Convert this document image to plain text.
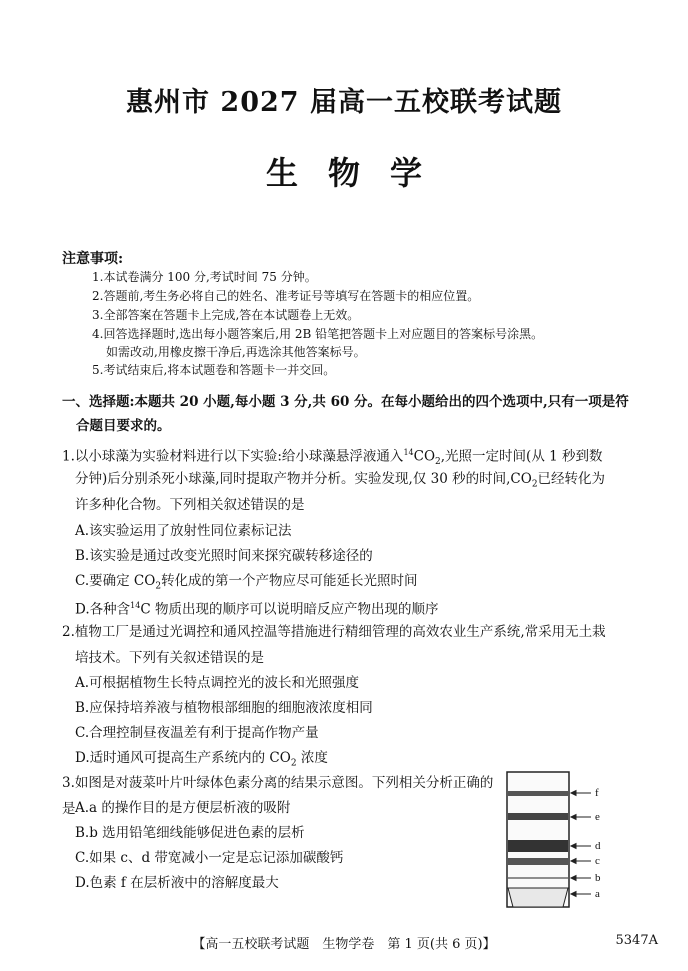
惠州市 2027 届高一五校联考试题
生物学
注意事项:
1.本试卷满分 100 分,考试时间 75 分钟。
2.答题前,考生务必将自己的姓名、准考证号等填写在答题卡的相应位置。
3.全部答案在答题卡上完成,答在本试题卷上无效。
4.回答选择题时,选出每小题答案后,用 2B 铅笔把答题卡上对应题目的答案标号涂黑。
如需改动,用橡皮擦干净后,再选涂其他答案标号。
5.考试结束后,将本试题卷和答题卡一并交回。
一、选择题:本题共 20 小题,每小题 3 分,共 60 分。在每小题给出的四个选项中,只有一项是符
合题目要求的。
1.以小球藻为实验材料进行以下实验:给小球藻悬浮液通入$^{14}CO_2$,光照一定时间(从 1 秒到数
分钟)后分别杀死小球藻,同时提取产物并分析。实验发现,仅 30 秒的时间$,CO_2$已经转化为
许多种化合物。下列相关叙述错误的是
A.该实验运用了放射性同位素标记法
B.该实验是通过改变光照时间来探究碳转移途径的
C.要确定 $CO_2$转化成的第一个产物应尽可能延长光照时间
D.各种含$^{14}$C 物质出现的顺序可以说明暗反应产物出现的顺序
2.植物工厂是通过光调控和通风控温等措施进行精细管理的高效农业生产系统,常采用无土栽
培技术。下列有关叙述错误的是
A.可根据植物生长特点调控光的波长和光照强度
B.应保持培养液与植物根部细胞的细胞液浓度相同
C.合理控制昼夜温差有利于提高作物产量
D.适时通风可提高生产系统内的 $CO_2$ 浓度
3.如图是对菠菜叶片叶绿体色素分离的结果示意图。下列相关分析正确的是 A.a 的操作目的是方便层析液的吸附
B.b 选用铅笔细线能够促进色素的层析
C.如果 c、d 带宽减小一定是忘记添加碳酸钙
D.色素 f 在层析液中的溶解度最大
f
e
d
c
b
a
【高一五校联考试题　生物学卷　第 1 页(共 6 页)】	5347A
